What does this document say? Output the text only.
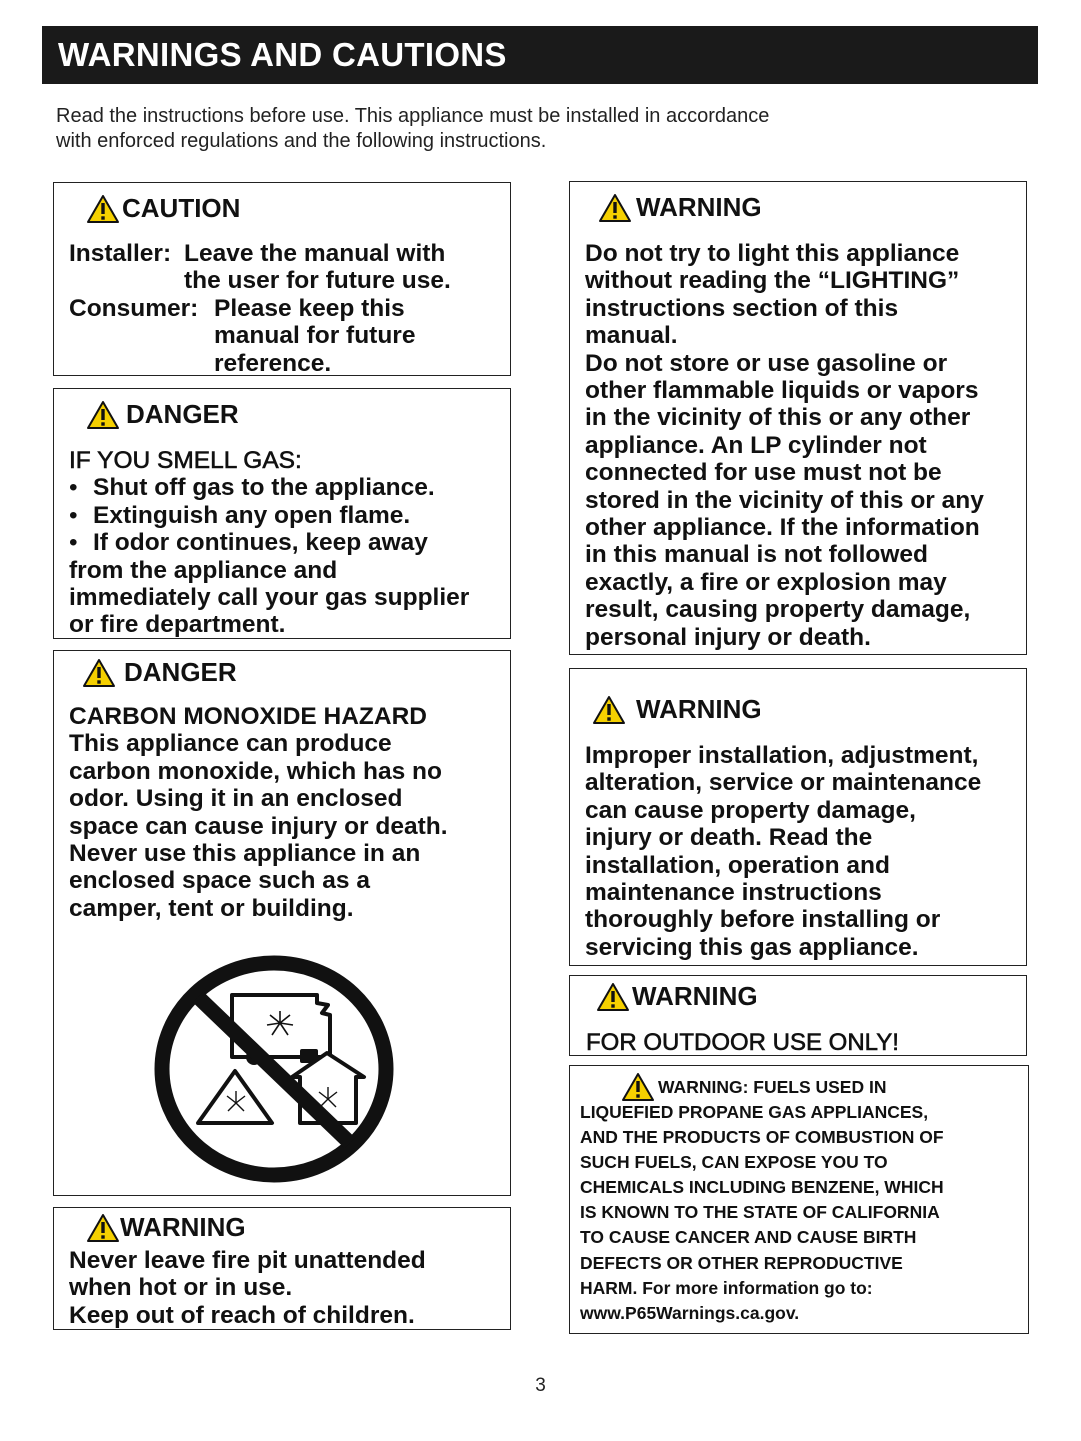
WARNINGS AND CAUTIONS
Read the instructions before use. This appliance must be installed in accordance
with enforced regulations and the following instructions.
CAUTION
Installer: Leave the manual with
the user for future use.
Consumer: Please keep this
manual for future
reference.
DANGER
IF YOU SMELL GAS:
• Shut off gas to the appliance.
• Extinguish any open flame.
• If odor continues, keep away
from the appliance and
immediately call your gas supplier
or fire department.
DANGER
CARBON MONOXIDE HAZARD
This appliance can produce
carbon monoxide, which has no
odor. Using it in an enclosed
space can cause injury or death.
Never use this appliance in an
enclosed space such as a
camper, tent or building.
WARNING
Never leave fire pit unattended
when hot or in use.
Keep out of reach of children.
WARNING
Do not try to light this appliance
without reading the “LIGHTING”
instructions section of this
manual.
Do not store or use gasoline or
other flammable liquids or vapors
in the vicinity of this or any other
appliance. An LP cylinder not
connected for use must not be
stored in the vicinity of this or any
other appliance. If the information
in this manual is not followed
exactly, a fire or explosion may
result, causing property damage,
personal injury or death.
WARNING
Improper installation, adjustment,
alteration, service or maintenance
can cause property damage,
injury or death. Read the
installation, operation and
maintenance instructions
thoroughly before installing or
servicing this gas appliance.
WARNING
FOR OUTDOOR USE ONLY!
WARNING: FUELS USED IN
LIQUEFIED PROPANE GAS APPLIANCES,
AND THE PRODUCTS OF COMBUSTION OF
SUCH FUELS, CAN EXPOSE YOU TO
CHEMICALS INCLUDING BENZENE, WHICH
IS KNOWN TO THE STATE OF CALIFORNIA
TO CAUSE CANCER AND CAUSE BIRTH
DEFECTS OR OTHER REPRODUCTIVE
HARM. For more information go to:
www.P65Warnings.ca.gov.
3
